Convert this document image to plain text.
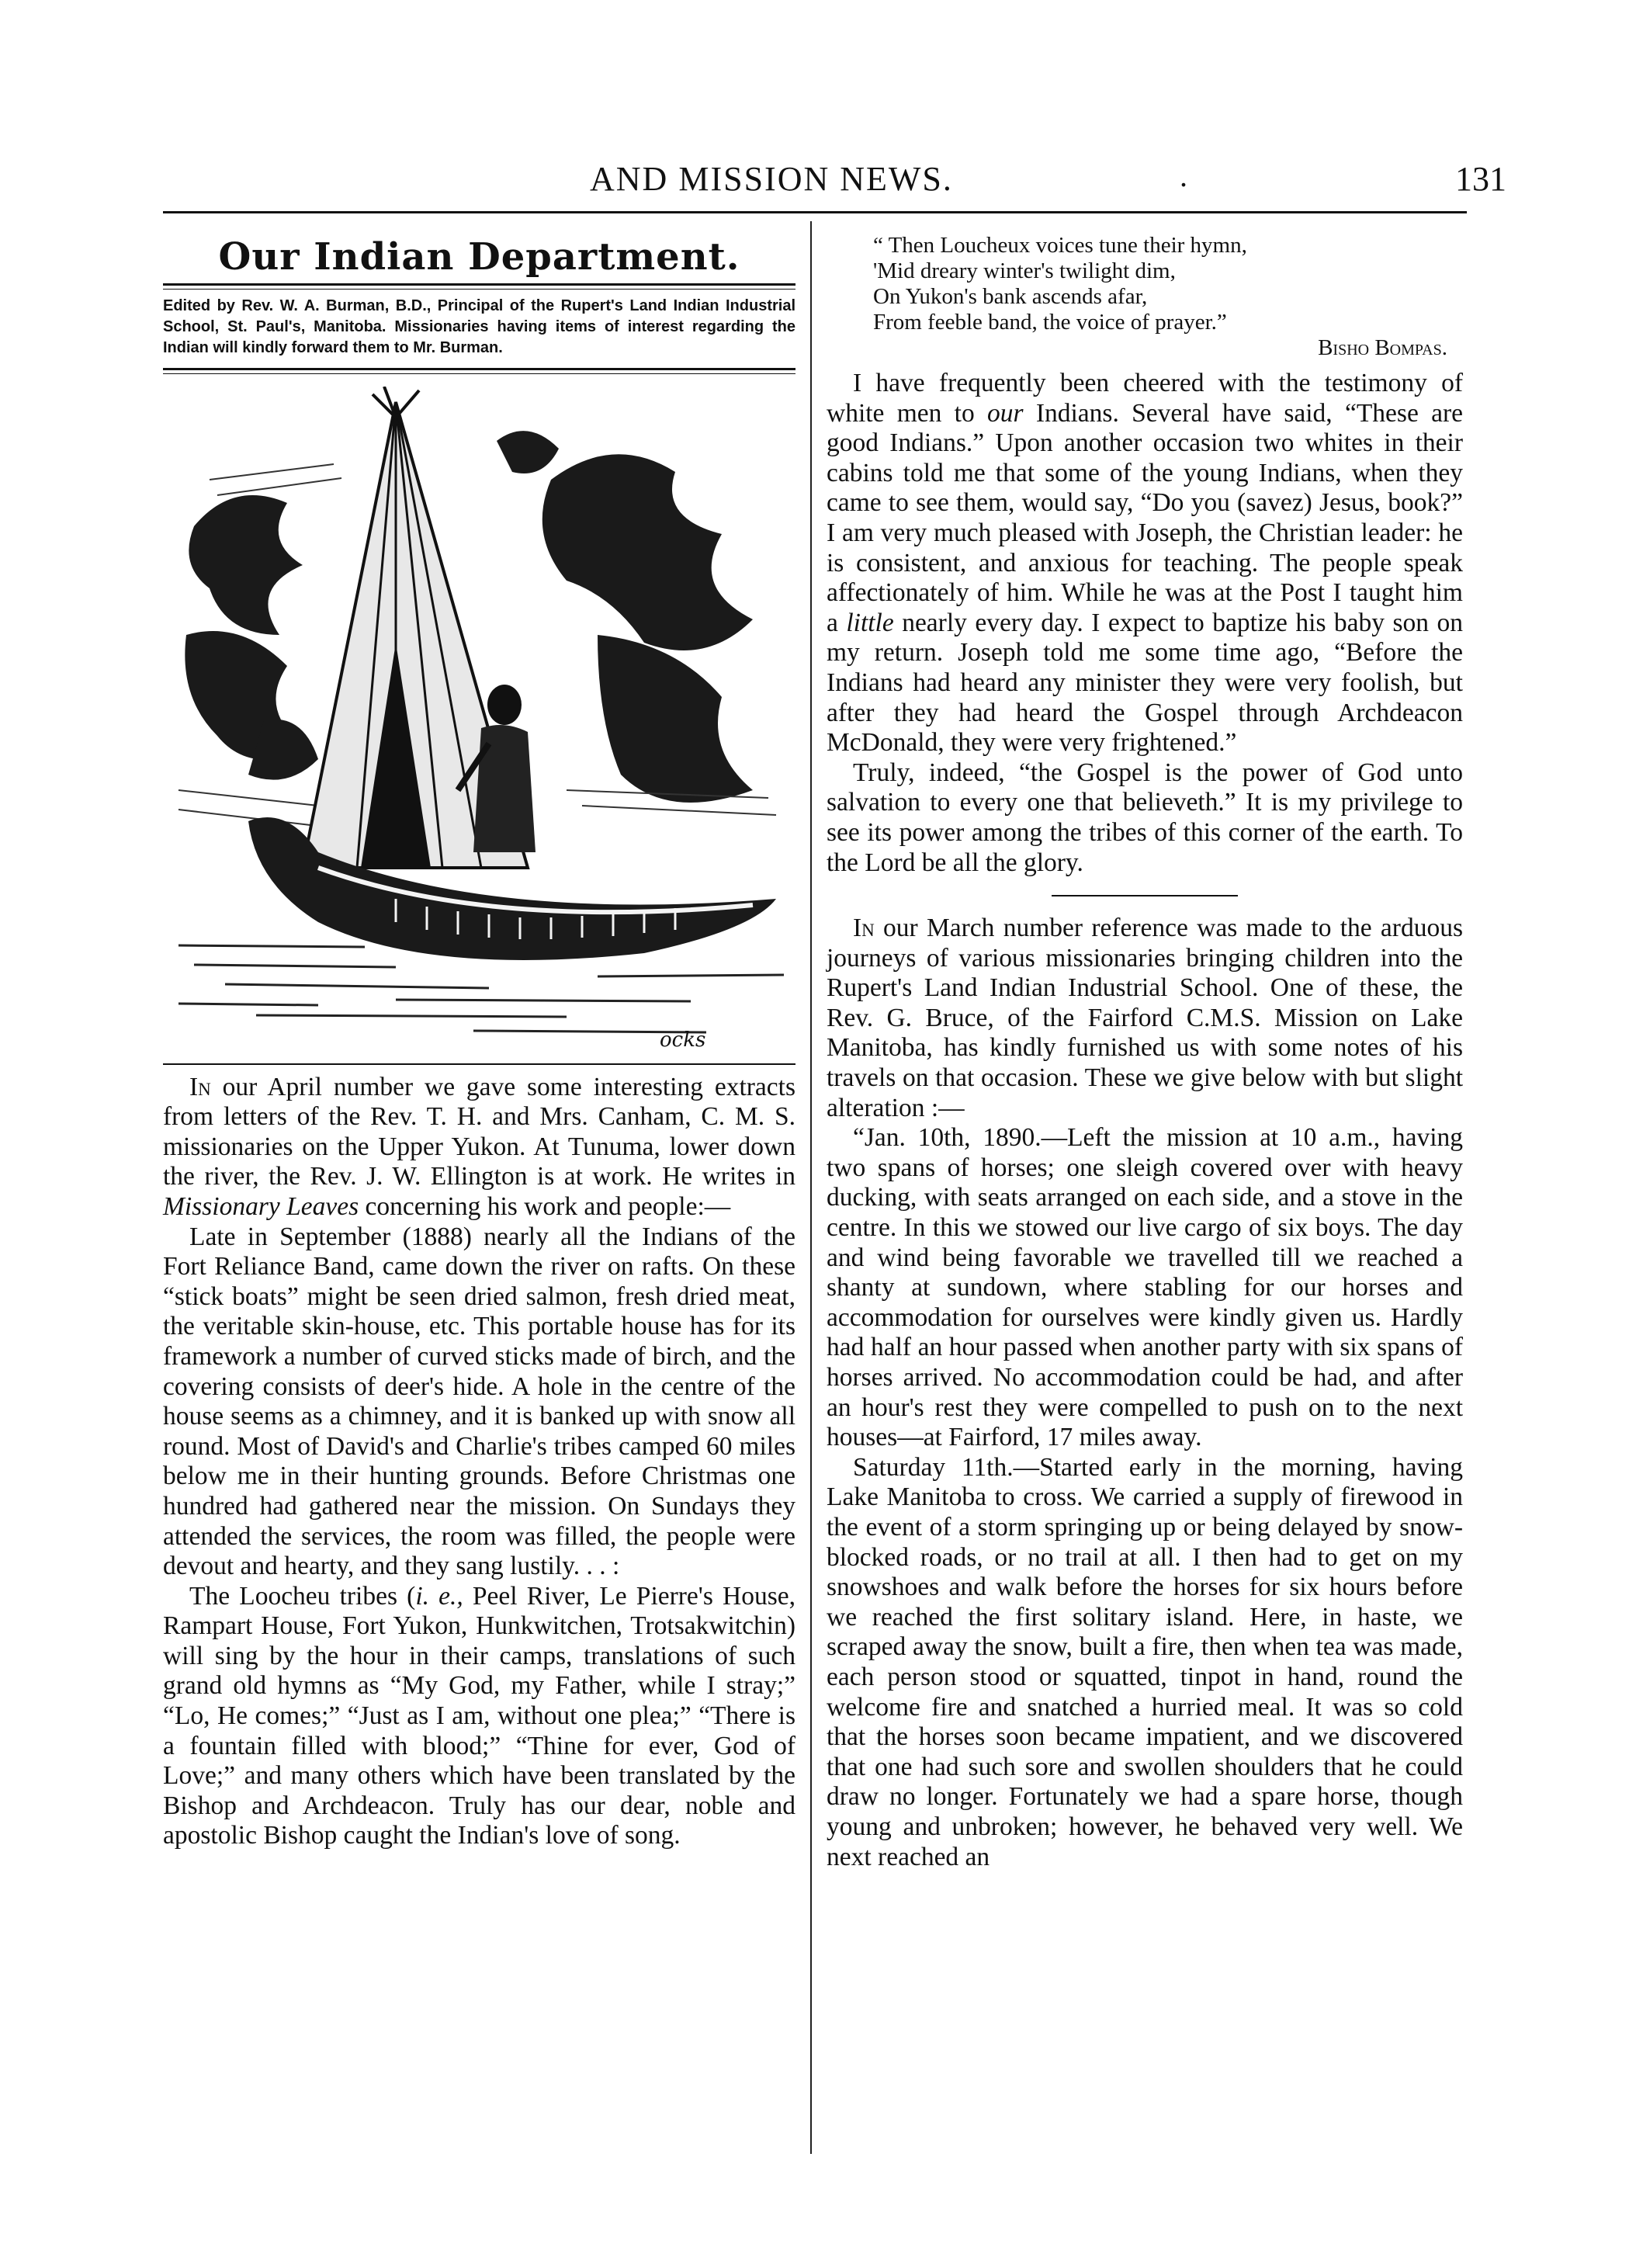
AND MISSION NEWS.	.	131
Our Indian Department.
Edited by Rev. W. A. Burman, B.D., Principal of the Rupert's Land Indian Industrial School, St. Paul's, Manitoba. Missionaries having items of interest regarding the Indian will kindly forward them to Mr. Burman.
ocks

In our April number we gave some interesting extracts from letters of the Rev. T. H. and Mrs. Canham, C. M. S. missionaries on the Upper Yukon. At Tunuma, lower down the river, the Rev. J. W. Ellington is at work. He writes in Missionary Leaves concerning his work and people:—

Late in September (1888) nearly all the Indians of the Fort Reliance Band, came down the river on rafts. On these “stick boats” might be seen dried salmon, fresh dried meat, the veritable skin-house, etc. This portable house has for its framework a number of curved sticks made of birch, and the covering consists of deer's hide. A hole in the centre of the house seems as a chimney, and it is banked up with snow all round. Most of David's and Charlie's tribes camped 60 miles below me in their hunting grounds. Before Christmas one hundred had gathered near the mission. On Sundays they attended the services, the room was filled, the people were devout and hearty, and they sang lustily. . . :

The Loocheu tribes (i. e., Peel River, Le Pierre's House, Rampart House, Fort Yukon, Hunkwitchen, Trotsakwitchin) will sing by the hour in their camps, translations of such grand old hymns as “My God, my Father, while I stray;” “Lo, He comes;” “Just as I am, without one plea;” “There is a fountain filled with blood;” “Thine for ever, God of Love;” and many others which have been translated by the Bishop and Archdeacon. Truly has our dear, noble and apostolic Bishop caught the Indian's love of song.

“ Then Loucheux voices tune their hymn,
'Mid dreary winter's twilight dim,
On Yukon's bank ascends afar,
From feeble band, the voice of prayer.”
Bisho Bompas.

I have frequently been cheered with the testimony of white men to our Indians. Several have said, “These are good Indians.” Upon another occasion two whites in their cabins told me that some of the young Indians, when they came to see them, would say, “Do you (savez) Jesus, book?” I am very much pleased with Joseph, the Christian leader: he is consistent, and anxious for teaching. The people speak affectionately of him. While he was at the Post I taught him a little nearly every day. I expect to baptize his baby son on my return. Joseph told me some time ago, “Before the Indians had heard any minister they were very foolish, but after they had heard the Gospel through Archdeacon McDonald, they were very frightened.”

Truly, indeed, “the Gospel is the power of God unto salvation to every one that believeth.” It is my privilege to see its power among the tribes of this corner of the earth. To the Lord be all the glory.

In our March number reference was made to the arduous journeys of various missionaries bringing children into the Rupert's Land Indian Industrial School. One of these, the Rev. G. Bruce, of the Fairford C.M.S. Mission on Lake Manitoba, has kindly furnished us with some notes of his travels on that occasion. These we give below with but slight alteration :—

“Jan. 10th, 1890.—Left the mission at 10 a.m., having two spans of horses; one sleigh covered over with heavy ducking, with seats arranged on each side, and a stove in the centre. In this we stowed our live cargo of six boys. The day and wind being favorable we travelled till we reached a shanty at sundown, where stabling for our horses and accommodation for ourselves were kindly given us. Hardly had half an hour passed when another party with six spans of horses arrived. No accommodation could be had, and after an hour's rest they were compelled to push on to the next houses—at Fairford, 17 miles away.

Saturday 11th.—Started early in the morning, having Lake Manitoba to cross. We carried a supply of firewood in the event of a storm springing up or being delayed by snow-blocked roads, or no trail at all. I then had to get on my snowshoes and walk before the horses for six hours before we reached the first solitary island. Here, in haste, we scraped away the snow, built a fire, then when tea was made, each person stood or squatted, tinpot in hand, round the welcome fire and snatched a hurried meal. It was so cold that the horses soon became impatient, and we discovered that one had such sore and swollen shoulders that he could draw no longer. Fortunately we had a spare horse, though young and unbroken; however, he behaved very well. We next reached an
